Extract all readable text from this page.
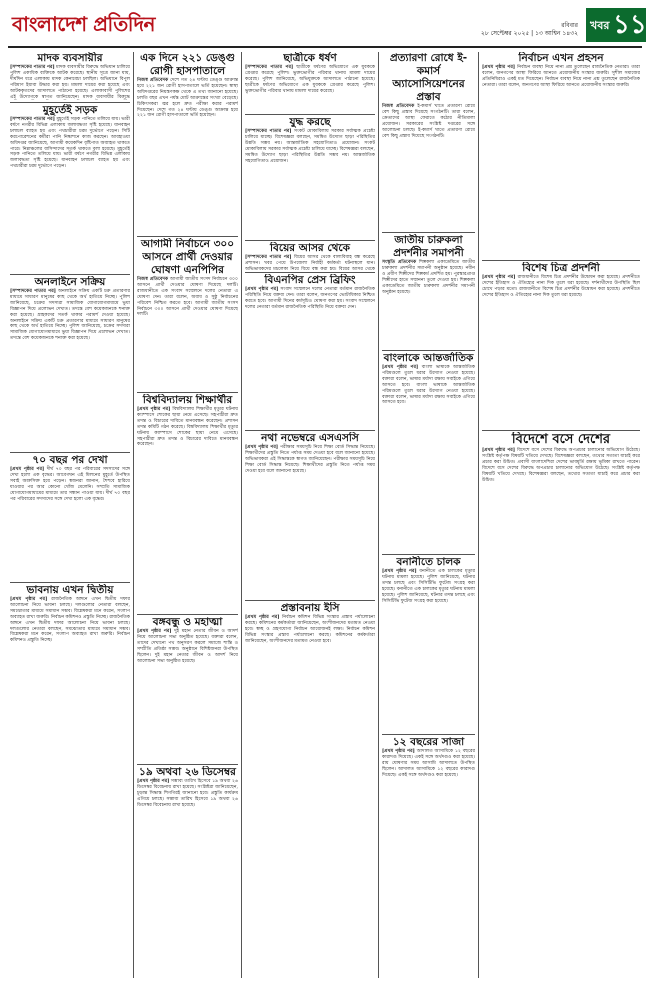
বাংলাদেশ প্রতিদিন	রবিবার
২৮ সেপ্টেম্বর ২০২৫ | ১৩ আশ্বিন ১৪৩২
খবর ১১
মাদক ব্যবসায়ীর

[সম্পাদকের পাতার পর] মাদক ব্যবসায়ীর বিরুদ্ধে অভিযান চালিয়ে পুলিশ একাধিক ব্যক্তিকে আটক করেছে। স্থানীয় সূত্রে জানা যায়, দীর্ঘদিন ধরে এলাকায় মাদক কেনাবেচা চলছিল। অভিযানে বিপুল পরিমাণ ইয়াবা উদ্ধার করা হয়। মামলা দায়ের করা হয়েছে এবং আটককৃতদের আদালতে পাঠানো হয়েছে। এলাকাবাসী পুলিশের এই উদ্যোগকে স্বাগত জানিয়েছেন। মাদক ব্যবসায়ীর বিরুদ্ধে

মুহূর্তেই সড়ক

[সম্পাদকের পাতার পর] মুহূর্তেই সড়ক পানিতে তলিয়ে যায়। ভারী বর্ষণে নগরীর বিভিন্ন এলাকায় জলাবদ্ধতা সৃষ্টি হয়েছে। যানবাহন চলাচল ব্যাহত হয় এবং পথচারীরা চরম দুর্ভোগে পড়েন। সিটি করপোরেশনের কর্মীরা পানি নিষ্কাশনে কাজ করছেন। আবহাওয়া অধিদপ্তর জানিয়েছে, আগামী কয়েকদিন বৃষ্টিপাত অব্যাহত থাকতে পারে। নিম্নাঞ্চলের বাসিন্দাদের সতর্ক থাকতে বলা হয়েছে। মুহূর্তেই সড়ক পানিতে তলিয়ে যায়। ভারী বর্ষণে নগরীর বিভিন্ন এলাকায় জলাবদ্ধতা সৃষ্টি হয়েছে। যানবাহন চলাচল ব্যাহত হয় এবং পথচারীরা চরম দুর্ভোগে পড়েন।

অনলাইনে সক্রিয়

[সম্পাদকের পাতার পর] অনলাইনে সক্রিয় একটি চক্র প্রতারণার মাধ্যমে সাধারণ মানুষের কাছ থেকে অর্থ হাতিয়ে নিচ্ছে। পুলিশ জানিয়েছে, চক্রের সদস্যরা সামাজিক যোগাযোগমাধ্যমে ভুয়া বিজ্ঞাপন দিয়ে প্রলোভন দেখাত। তদন্তে বেশ কয়েকজনকে শনাক্ত করা হয়েছে। গ্রাহকদের সতর্ক থাকার পরামর্শ দেওয়া হয়েছে। অনলাইনে সক্রিয় একটি চক্র প্রতারণার মাধ্যমে সাধারণ মানুষের কাছ থেকে অর্থ হাতিয়ে নিচ্ছে। পুলিশ জানিয়েছে, চক্রের সদস্যরা সামাজিক যোগাযোগমাধ্যমে ভুয়া বিজ্ঞাপন দিয়ে প্রলোভন দেখাত। তদন্তে বেশ কয়েকজনকে শনাক্ত করা হয়েছে।

৭০ বছর পর দেখা

[প্রথম পৃষ্ঠার পর] দীর্ঘ ৭০ বছর পর পরিবারের সদস্যদের সঙ্গে দেখা হলো এক বৃদ্ধের। আবেগঘন এই মিলনের মুহূর্তে উপস্থিত সবাই অশ্রুসিক্ত হয়ে পড়েন। স্বজনরা জানান, শৈশবে হারিয়ে যাওয়ার পর আর কোনো খোঁজ মেলেনি। সম্প্রতি সামাজিক যোগাযোগমাধ্যমের মাধ্যমে তার সন্ধান পাওয়া যায়। দীর্ঘ ৭০ বছর পর পরিবারের সদস্যদের সঙ্গে দেখা হলো এক বৃদ্ধের।

ভাবনায় এখন দ্বিতীয়

[প্রথম পৃষ্ঠার পর] রাজনৈতিক অঙ্গনে এখন দ্বিতীয় দফার আলোচনা নিয়ে ভাবনা চলছে। দলগুলোর নেতারা বলছেন, সমঝোতার মাধ্যমে সমাধান সম্ভব। বিশ্লেষকরা মনে করেন, সংলাপ অব্যাহত রাখা জরুরি। নির্বাচন কমিশনও প্রস্তুতি নিচ্ছে। রাজনৈতিক অঙ্গনে এখন দ্বিতীয় দফার আলোচনা নিয়ে ভাবনা চলছে। দলগুলোর নেতারা বলছেন, সমঝোতার মাধ্যমে সমাধান সম্ভব। বিশ্লেষকরা মনে করেন, সংলাপ অব্যাহত রাখা জরুরি। নির্বাচন কমিশনও প্রস্তুতি নিচ্ছে।

এক দিনে ২২১ ডেঙ্গু রোগী হাসপাতালে

নিজস্ব প্রতিবেদক দেশে গত ২৪ ঘণ্টায় ডেঙ্গু আক্রান্ত হয়ে ২২১ জন রোগী হাসপাতালে ভর্তি হয়েছেন। স্বাস্থ্য অধিদপ্তরের নিয়ন্ত্রণকক্ষ থেকে এ তথ্য জানানো হয়েছে। চলতি বছর এখন পর্যন্ত মোট আক্রান্তের সংখ্যা বেড়েছে। চিকিৎসকরা জ্বর হলে দ্রুত পরীক্ষা করার পরামর্শ দিয়েছেন। দেশে গত ২৪ ঘণ্টায় ডেঙ্গু আক্রান্ত হয়ে ২২১ জন রোগী হাসপাতালে ভর্তি হয়েছেন।

আগামী নির্বাচনে ৩০০ আসনে প্রার্থী দেওয়ার ঘোষণা এনপিপির

নিজস্ব প্রতিবেদক আগামী জাতীয় সংসদ নির্বাচনে ৩০০ আসনে প্রার্থী দেওয়ার ঘোষণা দিয়েছে দলটি। রাজধানীতে এক সংবাদ সম্মেলনে দলের নেতারা এ ঘোষণা দেন। তারা বলেন, অবাধ ও সুষ্ঠু নির্বাচনের পরিবেশ নিশ্চিত করতে হবে। আগামী জাতীয় সংসদ নির্বাচনে ৩০০ আসনে প্রার্থী দেওয়ার ঘোষণা দিয়েছে দলটি।

বিশ্ববিদ্যালয় শিক্ষার্থীর

[প্রথম পৃষ্ঠার পর] বিশ্ববিদ্যালয় শিক্ষার্থীর মৃত্যুর ঘটনায় ক্যাম্পাসে শোকের ছায়া নেমে এসেছে। সহপাঠীরা দ্রুত তদন্ত ও বিচারের দাবিতে মানববন্ধন করেছেন। প্রশাসন তদন্ত কমিটি গঠন করেছে। বিশ্ববিদ্যালয় শিক্ষার্থীর মৃত্যুর ঘটনায় ক্যাম্পাসে শোকের ছায়া নেমে এসেছে। সহপাঠীরা দ্রুত তদন্ত ও বিচারের দাবিতে মানববন্ধন করেছেন।

বঙ্গবন্ধু ও মহাত্মা

[প্রথম পৃষ্ঠার পর] দুই মহান নেতার জীবন ও আদর্শ নিয়ে আলোচনা সভা অনুষ্ঠিত হয়েছে। বক্তারা বলেন, তাদের দেখানো পথ অনুসরণ করলে সমাজে শান্তি ও সম্প্রীতি প্রতিষ্ঠা সম্ভব। অনুষ্ঠানে বিশিষ্টজনরা উপস্থিত ছিলেন। দুই মহান নেতার জীবন ও আদর্শ নিয়ে আলোচনা সভা অনুষ্ঠিত হয়েছে।

১৯ অথবা ২৬ ডিসেম্বর

[প্রথম পৃষ্ঠার পর] সম্ভাব্য তারিখ হিসেবে ১৯ অথবা ২৬ ডিসেম্বর বিবেচনায় রাখা হয়েছে। সংশ্লিষ্টরা জানিয়েছেন, চূড়ান্ত সিদ্ধান্ত শিগগিরই জানানো হবে। প্রস্তুতি কার্যক্রম এগিয়ে চলছে। সম্ভাব্য তারিখ হিসেবে ১৯ অথবা ২৬ ডিসেম্বর বিবেচনায় রাখা হয়েছে।

ছাত্রীকে ধর্ষণ

[সম্পাদকের পাতার পর] ছাত্রীকে ধর্ষণের অভিযোগে এক যুবককে গ্রেপ্তার করেছে পুলিশ। ভুক্তভোগীর পরিবার থানায় মামলা দায়ের করেছে। পুলিশ জানিয়েছে, অভিযুক্তকে আদালতে পাঠানো হয়েছে। ছাত্রীকে ধর্ষণের অভিযোগে এক যুবককে গ্রেপ্তার করেছে পুলিশ। ভুক্তভোগীর পরিবার থানায় মামলা দায়ের করেছে।

যুদ্ধ করছে

[সম্পাদকের পাতার পর] সংকট মোকাবিলায় সরকার সর্বাত্মক প্রচেষ্টা চালিয়ে যাচ্ছে। বিশেষজ্ঞরা বলছেন, সমন্বিত উদ্যোগ ছাড়া পরিস্থিতির উন্নতি সম্ভব নয়। আন্তর্জাতিক সহযোগিতাও প্রয়োজন। সংকট মোকাবিলায় সরকার সর্বাত্মক প্রচেষ্টা চালিয়ে যাচ্ছে। বিশেষজ্ঞরা বলছেন, সমন্বিত উদ্যোগ ছাড়া পরিস্থিতির উন্নতি সম্ভব নয়। আন্তর্জাতিক সহযোগিতাও প্রয়োজন।

বিয়ের আসর থেকে

[সম্পাদকের পাতার পর] বিয়ের আসর থেকে বাল্যবিবাহ বন্ধ করেছে প্রশাসন। খবর পেয়ে উপজেলা নির্বাহী কর্মকর্তা ঘটনাস্থলে যান। অভিভাবকদের মুচলেকা নিয়ে বিয়ে বন্ধ করা হয়। বিয়ের আসর থেকে

বিএনপির প্রেস ব্রিফিং

[প্রথম পৃষ্ঠার পর] সংবাদ সম্মেলনে দলের নেতারা বর্তমান রাজনৈতিক পরিস্থিতি নিয়ে বক্তব্য দেন। তারা বলেন, জনগণের ভোটাধিকার নিশ্চিত করতে হবে। আগামী দিনের কর্মসূচিও ঘোষণা করা হয়। সংবাদ সম্মেলনে দলের নেতারা বর্তমান রাজনৈতিক পরিস্থিতি নিয়ে বক্তব্য দেন।

নথা নভেম্বরে এসএসসি

[প্রথম পৃষ্ঠার পর] পরীক্ষার সময়সূচি নিয়ে শিক্ষা বোর্ড সিদ্ধান্ত নিয়েছে। শিক্ষার্থীদের প্রস্তুতি নিতে পর্যাপ্ত সময় দেওয়া হবে বলে জানানো হয়েছে। অভিভাবকরা এই সিদ্ধান্তকে স্বাগত জানিয়েছেন। পরীক্ষার সময়সূচি নিয়ে শিক্ষা বোর্ড সিদ্ধান্ত নিয়েছে। শিক্ষার্থীদের প্রস্তুতি নিতে পর্যাপ্ত সময় দেওয়া হবে বলে জানানো হয়েছে।

প্রস্তাবনায় ইসি

[প্রথম পৃষ্ঠার পর] নির্বাচন কমিশন বিভিন্ন সংস্কার প্রস্তাব পর্যালোচনা করছে। কমিশনের কর্মকর্তারা জানিয়েছেন, অংশীজনদের মতামত নেওয়া হবে। স্বচ্ছ ও গ্রহণযোগ্য নির্বাচন আয়োজনই লক্ষ্য। নির্বাচন কমিশন বিভিন্ন সংস্কার প্রস্তাব পর্যালোচনা করছে। কমিশনের কর্মকর্তারা জানিয়েছেন, অংশীজনদের মতামত নেওয়া হবে।

প্রত্যারণা রোধে ই-কমার্স অ্যাসোসিয়েশনের প্রস্তাব

নিজস্ব প্রতিবেদক ই-কমার্স খাতে প্রতারণা রোধে বেশ কিছু প্রস্তাব দিয়েছে সংগঠনটি। তারা বলেন, ক্রেতাদের আস্থা ফেরাতে কঠোর নীতিমালা প্রয়োজন। সরকারের সংশ্লিষ্ট দপ্তরের সঙ্গে আলোচনা চলছে। ই-কমার্স খাতে প্রতারণা রোধে বেশ কিছু প্রস্তাব দিয়েছে সংগঠনটি।

জাতীয় চারুকলা প্রদর্শনীর সমাপনী

সংস্কৃতি প্রতিবেদক শিল্পকলা একাডেমিতে জাতীয় চারুকলা প্রদর্শনীর সমাপনী অনুষ্ঠান হয়েছে। নবীন ও প্রবীণ শিল্পীদের শিল্পকর্ম প্রদর্শিত হয়। পুরস্কারপ্রাপ্ত শিল্পীদের হাতে সম্মাননা তুলে দেওয়া হয়। শিল্পকলা একাডেমিতে জাতীয় চারুকলা প্রদর্শনীর সমাপনী অনুষ্ঠান হয়েছে।

বাংলাকে আন্তর্জাতিক

[প্রথম পৃষ্ঠার পর] বাংলা ভাষাকে আন্তর্জাতিক পরিমণ্ডলে তুলে ধরার উদ্যোগ নেওয়া হয়েছে। বক্তারা বলেন, ভাষার মর্যাদা রক্ষায় সবাইকে এগিয়ে আসতে হবে। বাংলা ভাষাকে আন্তর্জাতিক পরিমণ্ডলে তুলে ধরার উদ্যোগ নেওয়া হয়েছে। বক্তারা বলেন, ভাষার মর্যাদা রক্ষায় সবাইকে এগিয়ে আসতে হবে।

বনানীতে চালক

[প্রথম পৃষ্ঠার পর] বনানীতে এক চালকের মৃত্যুর ঘটনায় মামলা হয়েছে। পুলিশ জানিয়েছে, ঘটনার তদন্ত চলছে এবং সিসিটিভি ফুটেজ সংগ্রহ করা হয়েছে। বনানীতে এক চালকের মৃত্যুর ঘটনায় মামলা হয়েছে। পুলিশ জানিয়েছে, ঘটনার তদন্ত চলছে এবং সিসিটিভি ফুটেজ সংগ্রহ করা হয়েছে।

১২ বছরের সাজা

[প্রথম পৃষ্ঠার পর] আদালত আসামিকে ১২ বছরের কারাদণ্ড দিয়েছে। একই সঙ্গে অর্থদণ্ডও করা হয়েছে। রায় ঘোষণার সময় আসামি আদালতে উপস্থিত ছিলেন। আদালত আসামিকে ১২ বছরের কারাদণ্ড দিয়েছে। একই সঙ্গে অর্থদণ্ডও করা হয়েছে।

নির্বাচন এখন প্রহসন

[প্রথম পৃষ্ঠার পর] নির্বাচন ব্যবস্থা নিয়ে নানা প্রশ্ন তুলেছেন রাজনৈতিক নেতারা। তারা বলেন, জনগণের আস্থা ফিরিয়ে আনতে প্রয়োজনীয় সংস্কার জরুরি। সুশীল সমাজের প্রতিনিধিরাও একই মত দিয়েছেন। নির্বাচন ব্যবস্থা নিয়ে নানা প্রশ্ন তুলেছেন রাজনৈতিক নেতারা। তারা বলেন, জনগণের আস্থা ফিরিয়ে আনতে প্রয়োজনীয় সংস্কার জরুরি।

বিশেষ চিত্র প্রদর্শনী

[প্রথম পৃষ্ঠার পর] রাজধানীতে বিশেষ চিত্র প্রদর্শনীর উদ্বোধন করা হয়েছে। প্রদর্শনীতে দেশের ইতিহাস ও ঐতিহ্যের নানা দিক তুলে ধরা হয়েছে। দর্শনার্থীদের উপস্থিতি ছিল চোখে পড়ার মতো। রাজধানীতে বিশেষ চিত্র প্রদর্শনীর উদ্বোধন করা হয়েছে। প্রদর্শনীতে দেশের ইতিহাস ও ঐতিহ্যের নানা দিক তুলে ধরা হয়েছে।

বিদেশে বসে দেশের

[প্রথম পৃষ্ঠার পর] বিদেশে বসে দেশের বিরুদ্ধে অপপ্রচার চালানোর অভিযোগ উঠেছে। সংশ্লিষ্ট কর্তৃপক্ষ বিষয়টি খতিয়ে দেখছে। বিশেষজ্ঞরা বলছেন, তথ্যের সত্যতা যাচাই করে প্রচার করা উচিত। প্রবাসী বাংলাদেশিরা দেশের ভাবমূর্তি রক্ষায় ভূমিকা রাখতে পারেন। বিদেশে বসে দেশের বিরুদ্ধে অপপ্রচার চালানোর অভিযোগ উঠেছে। সংশ্লিষ্ট কর্তৃপক্ষ বিষয়টি খতিয়ে দেখছে। বিশেষজ্ঞরা বলছেন, তথ্যের সত্যতা যাচাই করে প্রচার করা উচিত।
